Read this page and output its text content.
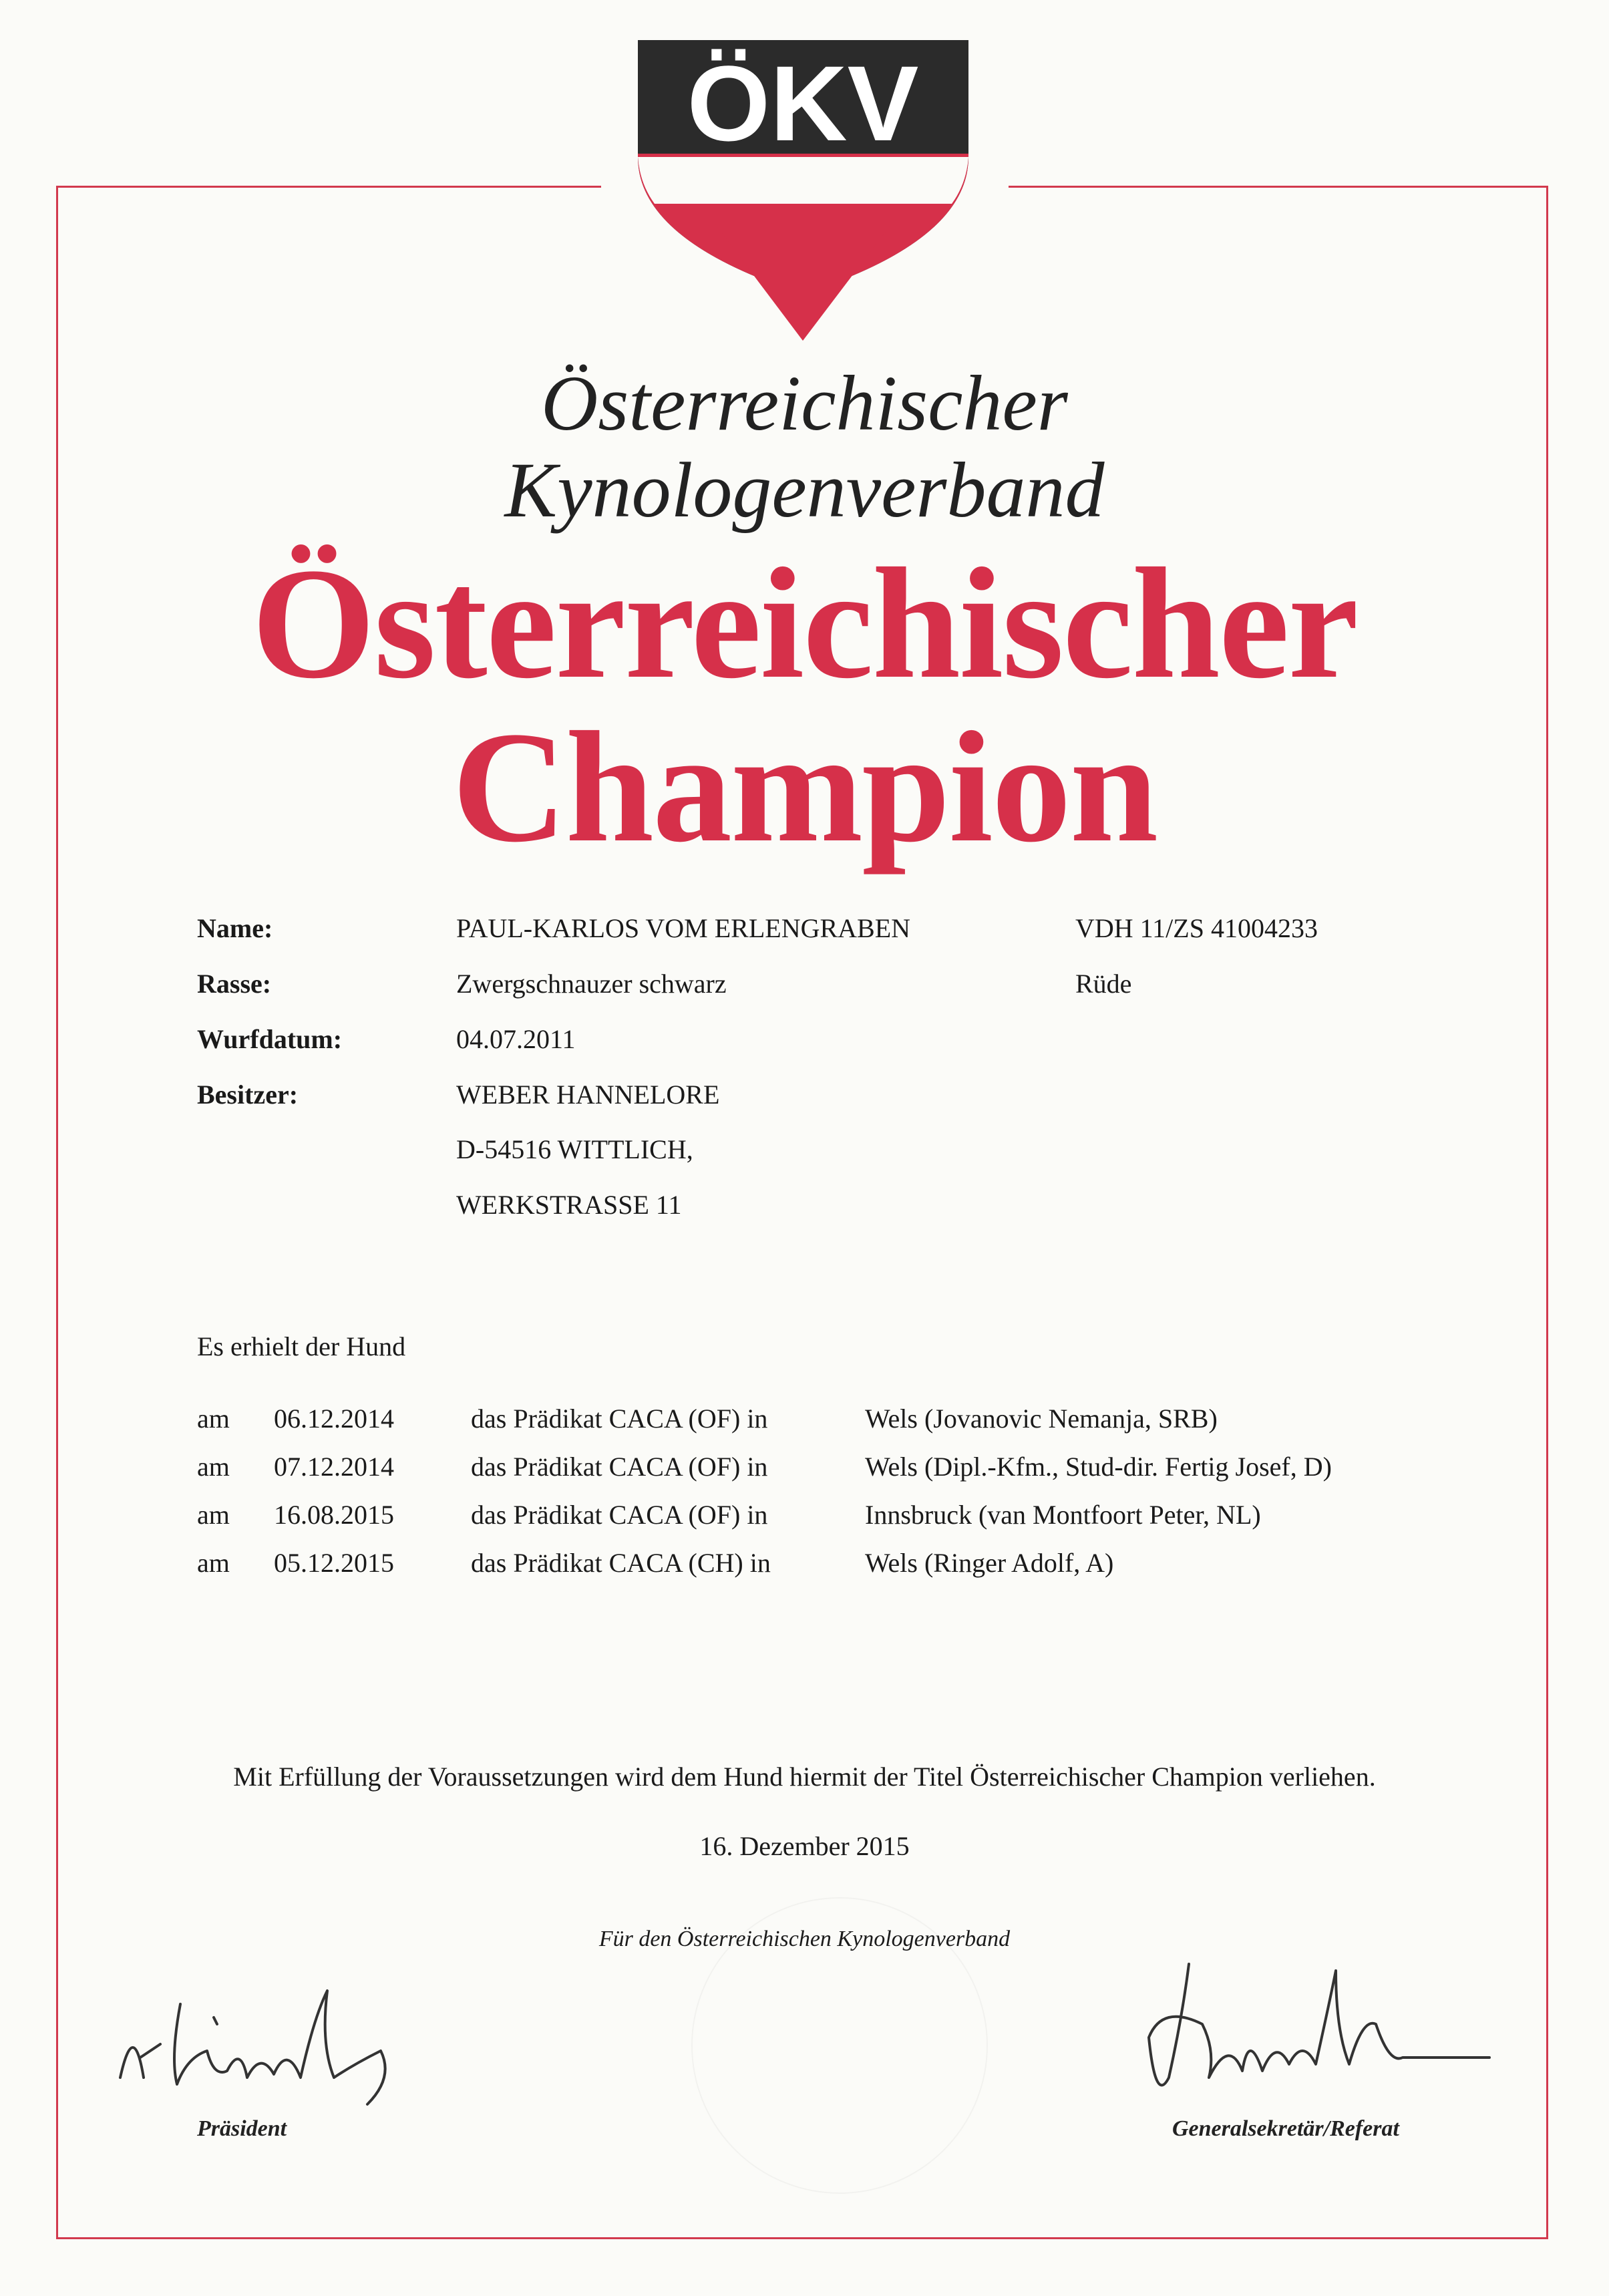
ÖKV
Österreichischer
Kynologenverband
Österreichischer
Champion
Name:	PAUL-KARLOS VOM ERLENGRABEN	VDH 11/ZS 41004233
Rasse:	Zwergschnauzer schwarz	Rüde
Wurfdatum:	04.07.2011
Besitzer:	WEBER HANNELORE
D-54516 WITTLICH,
WERKSTRASSE 11
Es erhielt der Hund
am 06.12.2014	das Prädikat CACA (OF) in	Wels (Jovanovic Nemanja, SRB)
am 07.12.2014	das Prädikat CACA (OF) in	Wels (Dipl.-Kfm., Stud-dir. Fertig Josef, D)
am 16.08.2015	das Prädikat CACA (OF) in	Innsbruck (van Montfoort Peter, NL)
am 05.12.2015	das Prädikat CACA (CH) in	Wels (Ringer Adolf, A)
Mit Erfüllung der Voraussetzungen wird dem Hund hiermit der Titel Österreichischer Champion verliehen.
16. Dezember 2015
Für den Österreichischen Kynologenverband
Präsident	Generalsekretär/Referat
